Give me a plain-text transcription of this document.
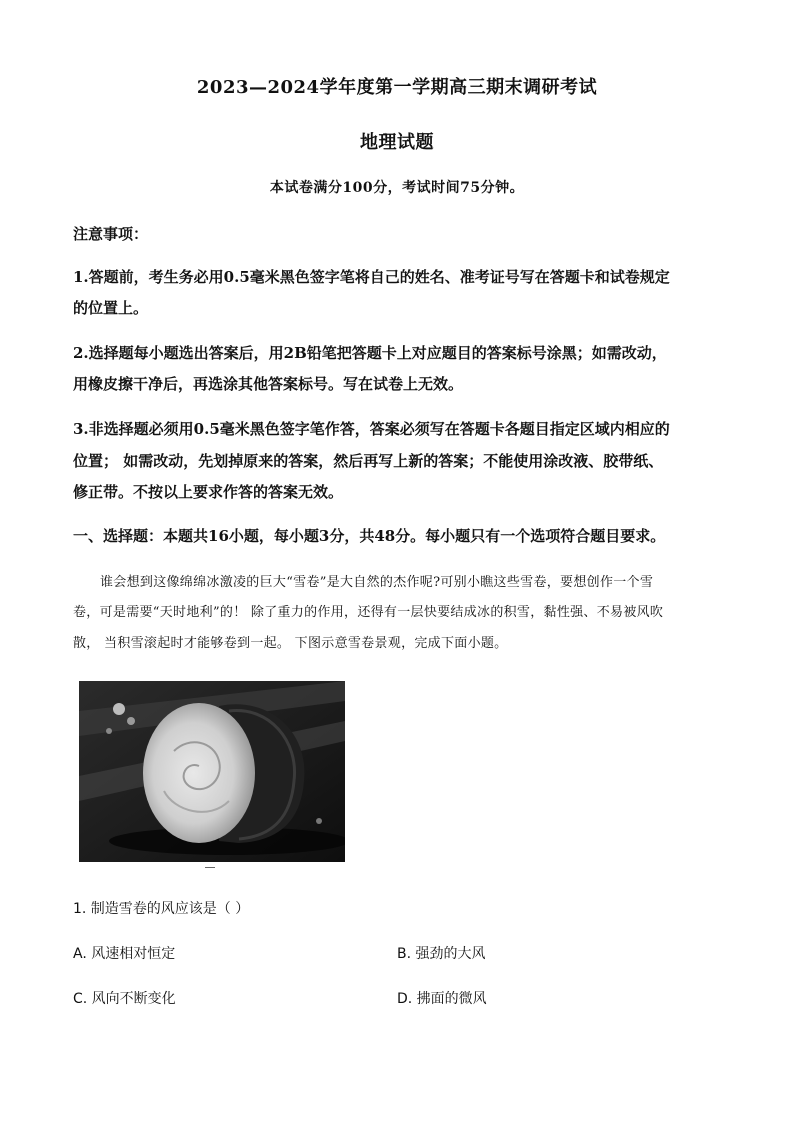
2023—2024学年度第一学期高三期末调研考试
地理试题
本试卷满分100分，考试时间75分钟。
注意事项：
1.答题前，考生务必用0.5毫米黑色签字笔将自己的姓名、准考证号写在答题卡和试卷规定
的位置上。
2.选择题每小题选出答案后，用2B铅笔把答题卡上对应题目的答案标号涂黑；如需改动，
用橡皮擦干净后，再选涂其他答案标号。写在试卷上无效。
3.非选择题必须用0.5毫米黑色签字笔作答，答案必须写在答题卡各题目指定区域内相应的
位置； 如需改动，先划掉原来的答案，然后再写上新的答案；不能使用涂改液、胶带纸、
修正带。不按以上要求作答的答案无效。
一、选择题：本题共16小题，每小题3分，共48分。每小题只有一个选项符合题目要求。
谁会想到这像绵绵冰激凌的巨大“雪卷”是大自然的杰作呢?可别小瞧这些雪卷，要想创作一个雪
卷，可是需要“天时地利”的！ 除了重力的作用，还得有一层快要结成冰的积雪，黏性强、不易被风吹
散， 当积雪滚起时才能够卷到一起。 下图示意雪卷景观，完成下面小题。
1. 制造雪卷的风应该是（ ）
A. 风速相对恒定	B. 强劲的大风
C. 风向不断变化	D. 拂面的微风
